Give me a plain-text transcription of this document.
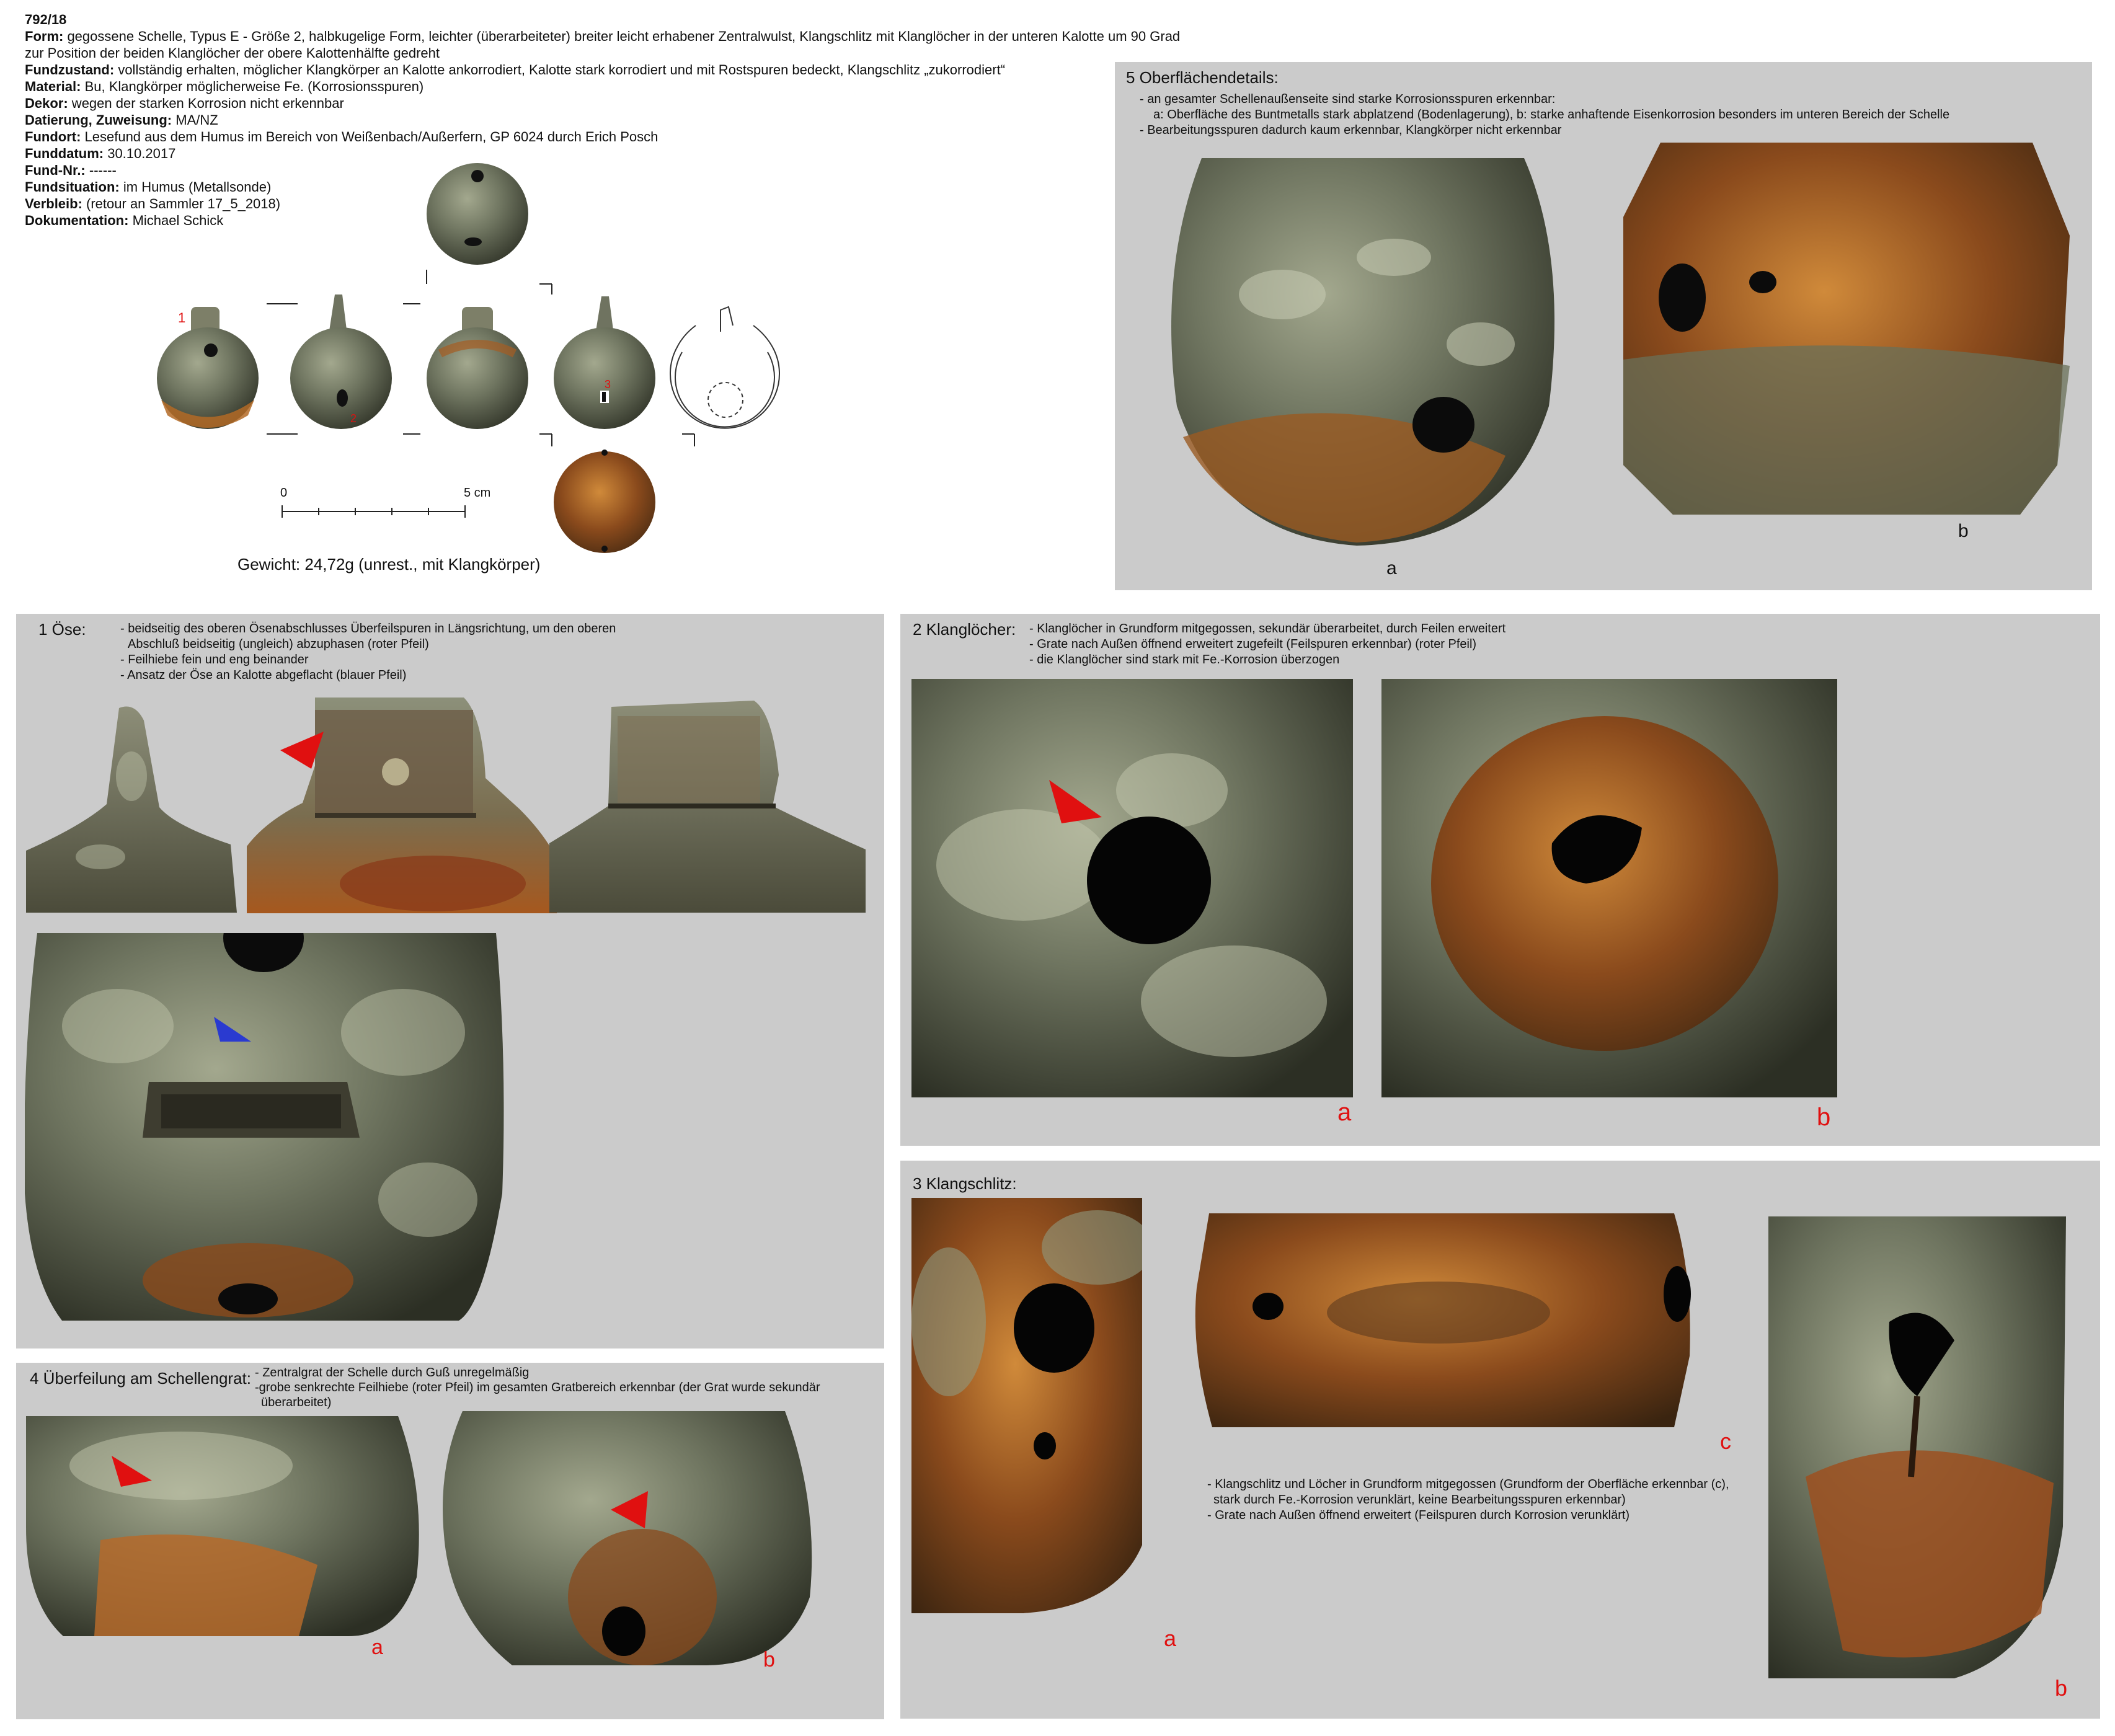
792/18
Form: gegossene Schelle, Typus E - Größe 2, halbkugelige Form, leichter (überarbeiteter) breiter leicht erhabener Zentralwulst, Klangschlitz mit Klanglöcher in der unteren Kalotte um 90 Grad
zur Position der beiden Klanglöcher der obere Kalottenhälfte gedreht
Fundzustand: vollständig erhalten, möglicher Klangkörper an Kalotte ankorrodiert, Kalotte stark korrodiert und mit Rostspuren bedeckt, Klangschlitz „zukorrodiert“
Material: Bu, Klangkörper möglicherweise Fe. (Korrosionsspuren)
Dekor: wegen der starken Korrosion nicht erkennbar
Datierung, Zuweisung: MA/NZ
Fundort: Lesefund aus dem Humus im Bereich von Weißenbach/Außerfern, GP 6024 durch Erich Posch
Funddatum: 30.10.2017
Fund-Nr.: ------
Fundsituation: im Humus (Metallsonde)
Verbleib: (retour an Sammler 17_5_2018)
Dokumentation: Michael Schick
1
2
3
0	5 cm
Gewicht: 24,72g (unrest., mit Klangkörper)
5 Oberflächendetails:
- an gesamter Schellenaußenseite sind starke Korrosionsspuren erkennbar:
a: Oberfläche des Buntmetalls stark abplatzend (Bodenlagerung), b: starke anhaftende Eisenkorrosion besonders im unteren Bereich der Schelle
- Bearbeitungsspuren dadurch kaum erkennbar, Klangkörper nicht erkennbar
a
b
1 Öse:	- beidseitig des oberen Ösenabschlusses Überfeilspuren in Längsrichtung, um den oberen
Abschluß beidseitig (ungleich) abzuphasen (roter Pfeil)
- Feilhiebe fein und eng beinander
- Ansatz der Öse an Kalotte abgeflacht (blauer Pfeil)
2 Klanglöcher: - Klanglöcher in Grundform mitgegossen, sekundär überarbeitet, durch Feilen erweitert
- Grate nach Außen öffnend erweitert zugefeilt (Feilspuren erkennbar) (roter Pfeil)
- die Klanglöcher sind stark mit Fe.-Korrosion überzogen
a	b
3 Klangschlitz:
- Klangschlitz und Löcher in Grundform mitgegossen (Grundform der Oberfläche erkennbar (c),
stark durch Fe.-Korrosion verunklärt, keine Bearbeitungsspuren erkennbar)
- Grate nach Außen öffnend erweitert (Feilspuren durch Korrosion verunklärt)
a
c
b
4 Überfeilung am Schellengrat: - Zentralgrat der Schelle durch Guß unregelmäßig
-grobe senkrechte Feilhiebe (roter Pfeil) im gesamten Gratbereich erkennbar (der Grat wurde sekundär
überarbeitet)
a
b
